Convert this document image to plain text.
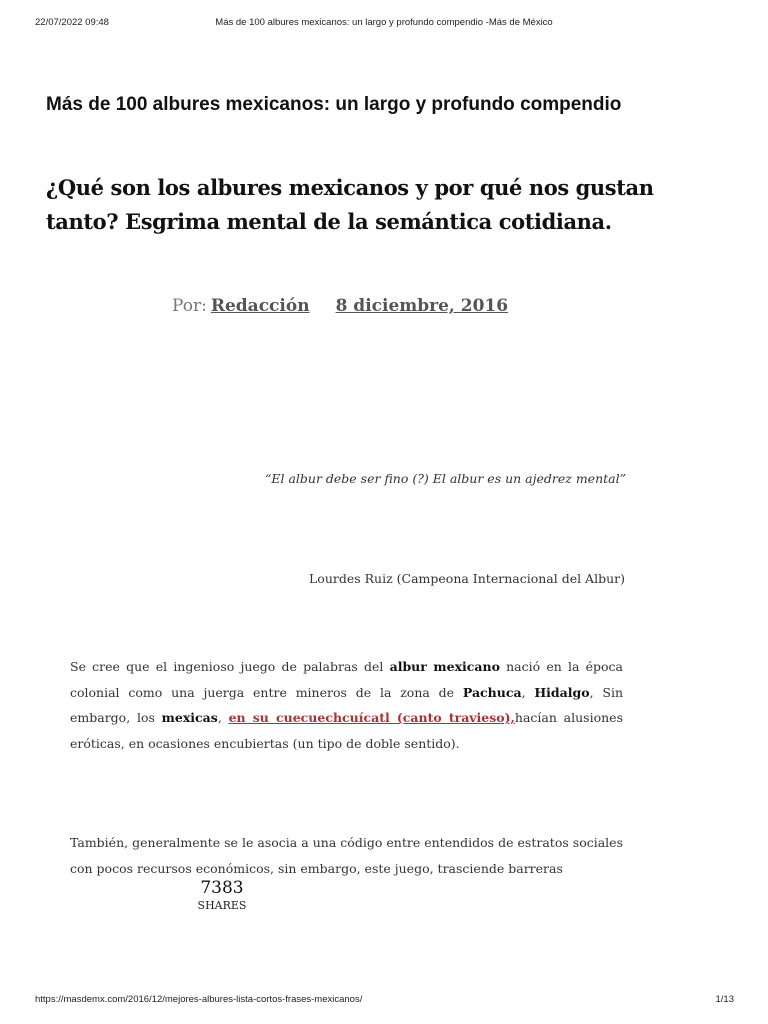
22/07/2022 09:48	Más de 100 albures mexicanos: un largo y profundo compendio -Más de México
Más de 100 albures mexicanos: un largo y profundo compendio
¿Qué son los albures mexicanos y por qué nos gustan tanto? Esgrima mental de la semántica cotidiana.
Por: Redacción 8 diciembre, 2016
“El albur debe ser fino (?) El albur es un ajedrez mental”
Lourdes Ruiz (Campeona Internacional del Albur)

Se cree que el ingenioso juego de palabras del albur mexicano nació en la época colonial como una juerga entre mineros de la zona de Pachuca, Hidalgo, Sin embargo, los mexicas, en su cuecuechcuícatl (canto travieso),hacían alusiones eróticas, en ocasiones encubiertas (un tipo de doble sentido).

También, generalmente se le asocia a una código entre entendidos de estratos sociales con pocos recursos económicos, sin embargo, este juego, trasciende barreras

7383
SHARES
https://masdemx.com/2016/12/mejores-albures-lista-cortos-frases-mexicanos/	1/13
